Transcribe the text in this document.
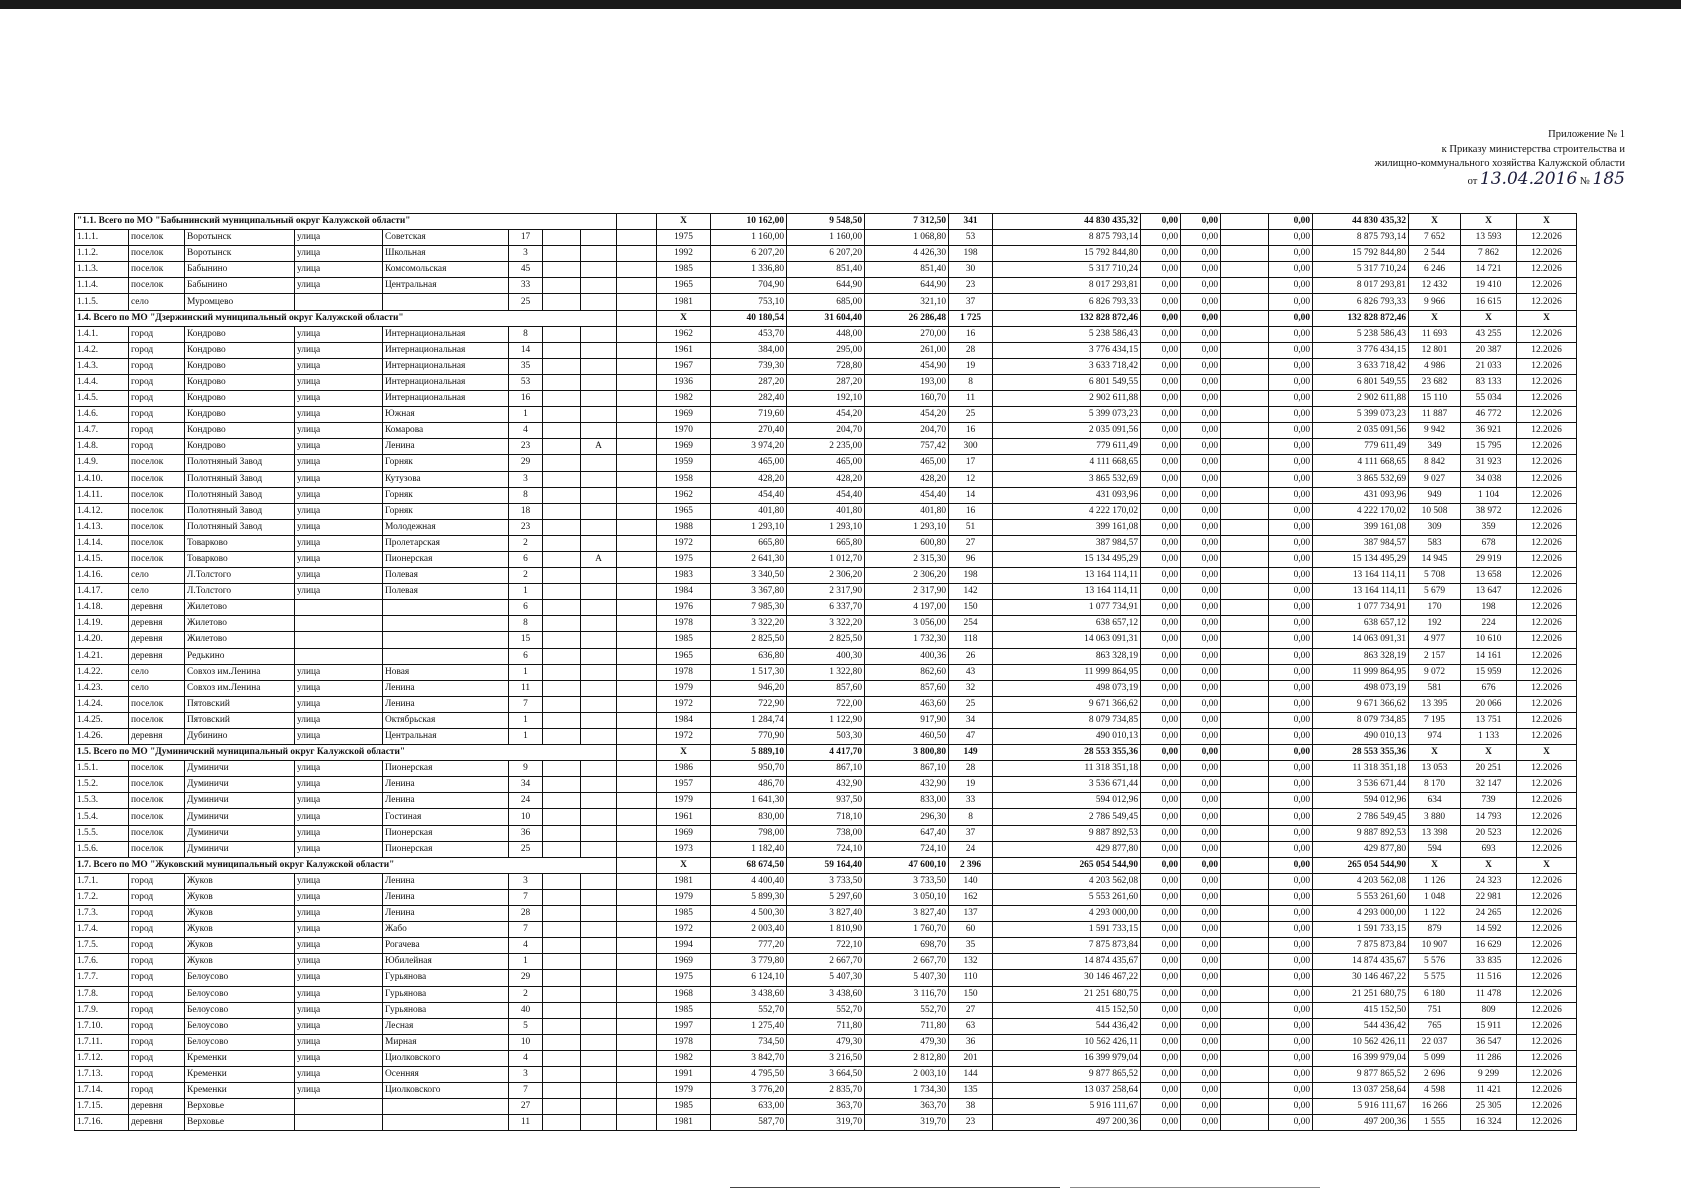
Приложение № 1
к Приказу министерства строительства и
жилищно-коммунального хозяйства Калужской области
от 13.04.2016 № 185
"1.1. Всего по МО "Бабынинский муниципальный округ Калужской области"									X	10 162,00	9 548,50	7 312,50	341	44 830 435,32	0,00	0,00		0,00	44 830 435,32	X	X	X
1.1.1.	поселок	Воротынск	улица	Советская	17				1975	1 160,00	1 160,00	1 068,80	53	8 875 793,14	0,00	0,00		0,00	8 875 793,14	7 652	13 593	12.2026
1.1.2.	поселок	Воротынск	улица	Школьная	3				1992	6 207,20	6 207,20	4 426,30	198	15 792 844,80	0,00	0,00		0,00	15 792 844,80	2 544	7 862	12.2026
1.1.3.	поселок	Бабынино	улица	Комсомольская	45				1985	1 336,80	851,40	851,40	30	5 317 710,24	0,00	0,00		0,00	5 317 710,24	6 246	14 721	12.2026
1.1.4.	поселок	Бабынино	улица	Центральная	33				1965	704,90	644,90	644,90	23	8 017 293,81	0,00	0,00		0,00	8 017 293,81	12 432	19 410	12.2026
1.1.5.	село	Муромцево			25				1981	753,10	685,00	321,10	37	6 826 793,33	0,00	0,00		0,00	6 826 793,33	9 966	16 615	12.2026
1.4. Всего по МО "Дзержинский муниципальный округ Калужской области"									X	40 180,54	31 604,40	26 286,48	1 725	132 828 872,46	0,00	0,00		0,00	132 828 872,46	X	X	X
1.4.1.	город	Кондрово	улица	Интернациональная	8				1962	453,70	448,00	270,00	16	5 238 586,43	0,00	0,00		0,00	5 238 586,43	11 693	43 255	12.2026
1.4.2.	город	Кондрово	улица	Интернациональная	14				1961	384,00	295,00	261,00	28	3 776 434,15	0,00	0,00		0,00	3 776 434,15	12 801	20 387	12.2026
1.4.3.	город	Кондрово	улица	Интернациональная	35				1967	739,30	728,80	454,90	19	3 633 718,42	0,00	0,00		0,00	3 633 718,42	4 986	21 033	12.2026
1.4.4.	город	Кондрово	улица	Интернациональная	53				1936	287,20	287,20	193,00	8	6 801 549,55	0,00	0,00		0,00	6 801 549,55	23 682	83 133	12.2026
1.4.5.	город	Кондрово	улица	Интернациональная	16				1982	282,40	192,10	160,70	11	2 902 611,88	0,00	0,00		0,00	2 902 611,88	15 110	55 034	12.2026
1.4.6.	город	Кондрово	улица	Южная	1				1969	719,60	454,20	454,20	25	5 399 073,23	0,00	0,00		0,00	5 399 073,23	11 887	46 772	12.2026
1.4.7.	город	Кондрово	улица	Комарова	4				1970	270,40	204,70	204,70	16	2 035 091,56	0,00	0,00		0,00	2 035 091,56	9 942	36 921	12.2026
1.4.8.	город	Кондрово	улица	Ленина	23		А		1969	3 974,20	2 235,00	757,42	300	779 611,49	0,00	0,00		0,00	779 611,49	349	15 795	12.2026
1.4.9.	поселок	Полотняный Завод	улица	Горняк	29				1959	465,00	465,00	465,00	17	4 111 668,65	0,00	0,00		0,00	4 111 668,65	8 842	31 923	12.2026
1.4.10.	поселок	Полотняный Завод	улица	Кутузова	3				1958	428,20	428,20	428,20	12	3 865 532,69	0,00	0,00		0,00	3 865 532,69	9 027	34 038	12.2026
1.4.11.	поселок	Полотняный Завод	улица	Горняк	8				1962	454,40	454,40	454,40	14	431 093,96	0,00	0,00		0,00	431 093,96	949	1 104	12.2026
1.4.12.	поселок	Полотняный Завод	улица	Горняк	18				1965	401,80	401,80	401,80	16	4 222 170,02	0,00	0,00		0,00	4 222 170,02	10 508	38 972	12.2026
1.4.13.	поселок	Полотняный Завод	улица	Молодежная	23				1988	1 293,10	1 293,10	1 293,10	51	399 161,08	0,00	0,00		0,00	399 161,08	309	359	12.2026
1.4.14.	поселок	Товарково	улица	Пролетарская	2				1972	665,80	665,80	600,80	27	387 984,57	0,00	0,00		0,00	387 984,57	583	678	12.2026
1.4.15.	поселок	Товарково	улица	Пионерская	6		А		1975	2 641,30	1 012,70	2 315,30	96	15 134 495,29	0,00	0,00		0,00	15 134 495,29	14 945	29 919	12.2026
1.4.16.	село	Л.Толстого	улица	Полевая	2				1983	3 340,50	2 306,20	2 306,20	198	13 164 114,11	0,00	0,00		0,00	13 164 114,11	5 708	13 658	12.2026
1.4.17.	село	Л.Толстого	улица	Полевая	1				1984	3 367,80	2 317,90	2 317,90	142	13 164 114,11	0,00	0,00		0,00	13 164 114,11	5 679	13 647	12.2026
1.4.18.	деревня	Жилетово			6				1976	7 985,30	6 337,70	4 197,00	150	1 077 734,91	0,00	0,00		0,00	1 077 734,91	170	198	12.2026
1.4.19.	деревня	Жилетово			8				1978	3 322,20	3 322,20	3 056,00	254	638 657,12	0,00	0,00		0,00	638 657,12	192	224	12.2026
1.4.20.	деревня	Жилетово			15				1985	2 825,50	2 825,50	1 732,30	118	14 063 091,31	0,00	0,00		0,00	14 063 091,31	4 977	10 610	12.2026
1.4.21.	деревня	Редькино			6				1965	636,80	400,30	400,36	26	863 328,19	0,00	0,00		0,00	863 328,19	2 157	14 161	12.2026
1.4.22.	село	Совхоз им.Ленина	улица	Новая	1				1978	1 517,30	1 322,80	862,60	43	11 999 864,95	0,00	0,00		0,00	11 999 864,95	9 072	15 959	12.2026
1.4.23.	село	Совхоз им.Ленина	улица	Ленина	11				1979	946,20	857,60	857,60	32	498 073,19	0,00	0,00		0,00	498 073,19	581	676	12.2026
1.4.24.	поселок	Пятовский	улица	Ленина	7				1972	722,90	722,00	463,60	25	9 671 366,62	0,00	0,00		0,00	9 671 366,62	13 395	20 066	12.2026
1.4.25.	поселок	Пятовский	улица	Октябрьская	1				1984	1 284,74	1 122,90	917,90	34	8 079 734,85	0,00	0,00		0,00	8 079 734,85	7 195	13 751	12.2026
1.4.26.	деревня	Дубинино	улица	Центральная	1				1972	770,90	503,30	460,50	47	490 010,13	0,00	0,00		0,00	490 010,13	974	1 133	12.2026
1.5. Всего по МО "Думиничский муниципальный округ Калужской области"									X	5 889,10	4 417,70	3 800,80	149	28 553 355,36	0,00	0,00		0,00	28 553 355,36	X	X	X
1.5.1.	поселок	Думиничи	улица	Пионерская	9				1986	950,70	867,10	867,10	28	11 318 351,18	0,00	0,00		0,00	11 318 351,18	13 053	20 251	12.2026
1.5.2.	поселок	Думиничи	улица	Ленина	34				1957	486,70	432,90	432,90	19	3 536 671,44	0,00	0,00		0,00	3 536 671,44	8 170	32 147	12.2026
1.5.3.	поселок	Думиничи	улица	Ленина	24				1979	1 641,30	937,50	833,00	33	594 012,96	0,00	0,00		0,00	594 012,96	634	739	12.2026
1.5.4.	поселок	Думиничи	улица	Гостиная	10				1961	830,00	718,10	296,30	8	2 786 549,45	0,00	0,00		0,00	2 786 549,45	3 880	14 793	12.2026
1.5.5.	поселок	Думиничи	улица	Пионерская	36				1969	798,00	738,00	647,40	37	9 887 892,53	0,00	0,00		0,00	9 887 892,53	13 398	20 523	12.2026
1.5.6.	поселок	Думиничи	улица	Пионерская	25				1973	1 182,40	724,10	724,10	24	429 877,80	0,00	0,00		0,00	429 877,80	594	693	12.2026
1.7. Всего по МО "Жуковский муниципальный округ Калужской области"									X	68 674,50	59 164,40	47 600,10	2 396	265 054 544,90	0,00	0,00		0,00	265 054 544,90	X	X	X
1.7.1.	город	Жуков	улица	Ленина	3				1981	4 400,40	3 733,50	3 733,50	140	4 203 562,08	0,00	0,00		0,00	4 203 562,08	1 126	24 323	12.2026
1.7.2.	город	Жуков	улица	Ленина	7				1979	5 899,30	5 297,60	3 050,10	162	5 553 261,60	0,00	0,00		0,00	5 553 261,60	1 048	22 981	12.2026
1.7.3.	город	Жуков	улица	Ленина	28				1985	4 500,30	3 827,40	3 827,40	137	4 293 000,00	0,00	0,00		0,00	4 293 000,00	1 122	24 265	12.2026
1.7.4.	город	Жуков	улица	Жабо	7				1972	2 003,40	1 810,90	1 760,70	60	1 591 733,15	0,00	0,00		0,00	1 591 733,15	879	14 592	12.2026
1.7.5.	город	Жуков	улица	Рогачева	4				1994	777,20	722,10	698,70	35	7 875 873,84	0,00	0,00		0,00	7 875 873,84	10 907	16 629	12.2026
1.7.6.	город	Жуков	улица	Юбилейная	1				1969	3 779,80	2 667,70	2 667,70	132	14 874 435,67	0,00	0,00		0,00	14 874 435,67	5 576	33 835	12.2026
1.7.7.	город	Белоусово	улица	Гурьянова	29				1975	6 124,10	5 407,30	5 407,30	110	30 146 467,22	0,00	0,00		0,00	30 146 467,22	5 575	11 516	12.2026
1.7.8.	город	Белоусово	улица	Гурьянова	2				1968	3 438,60	3 438,60	3 116,70	150	21 251 680,75	0,00	0,00		0,00	21 251 680,75	6 180	11 478	12.2026
1.7.9.	город	Белоусово	улица	Гурьянова	40				1985	552,70	552,70	552,70	27	415 152,50	0,00	0,00		0,00	415 152,50	751	809	12.2026
1.7.10.	город	Белоусово	улица	Лесная	5				1997	1 275,40	711,80	711,80	63	544 436,42	0,00	0,00		0,00	544 436,42	765	15 911	12.2026
1.7.11.	город	Белоусово	улица	Мирная	10				1978	734,50	479,30	479,30	36	10 562 426,11	0,00	0,00		0,00	10 562 426,11	22 037	36 547	12.2026
1.7.12.	город	Кременки	улица	Циолковского	4				1982	3 842,70	3 216,50	2 812,80	201	16 399 979,04	0,00	0,00		0,00	16 399 979,04	5 099	11 286	12.2026
1.7.13.	город	Кременки	улица	Осенняя	3				1991	4 795,50	3 664,50	2 003,10	144	9 877 865,52	0,00	0,00		0,00	9 877 865,52	2 696	9 299	12.2026
1.7.14.	город	Кременки	улица	Циолковского	7				1979	3 776,20	2 835,70	1 734,30	135	13 037 258,64	0,00	0,00		0,00	13 037 258,64	4 598	11 421	12.2026
1.7.15.	деревня	Верховье			27				1985	633,00	363,70	363,70	38	5 916 111,67	0,00	0,00		0,00	5 916 111,67	16 266	25 305	12.2026
1.7.16.	деревня	Верховье			11				1981	587,70	319,70	319,70	23	497 200,36	0,00	0,00		0,00	497 200,36	1 555	16 324	12.2026
